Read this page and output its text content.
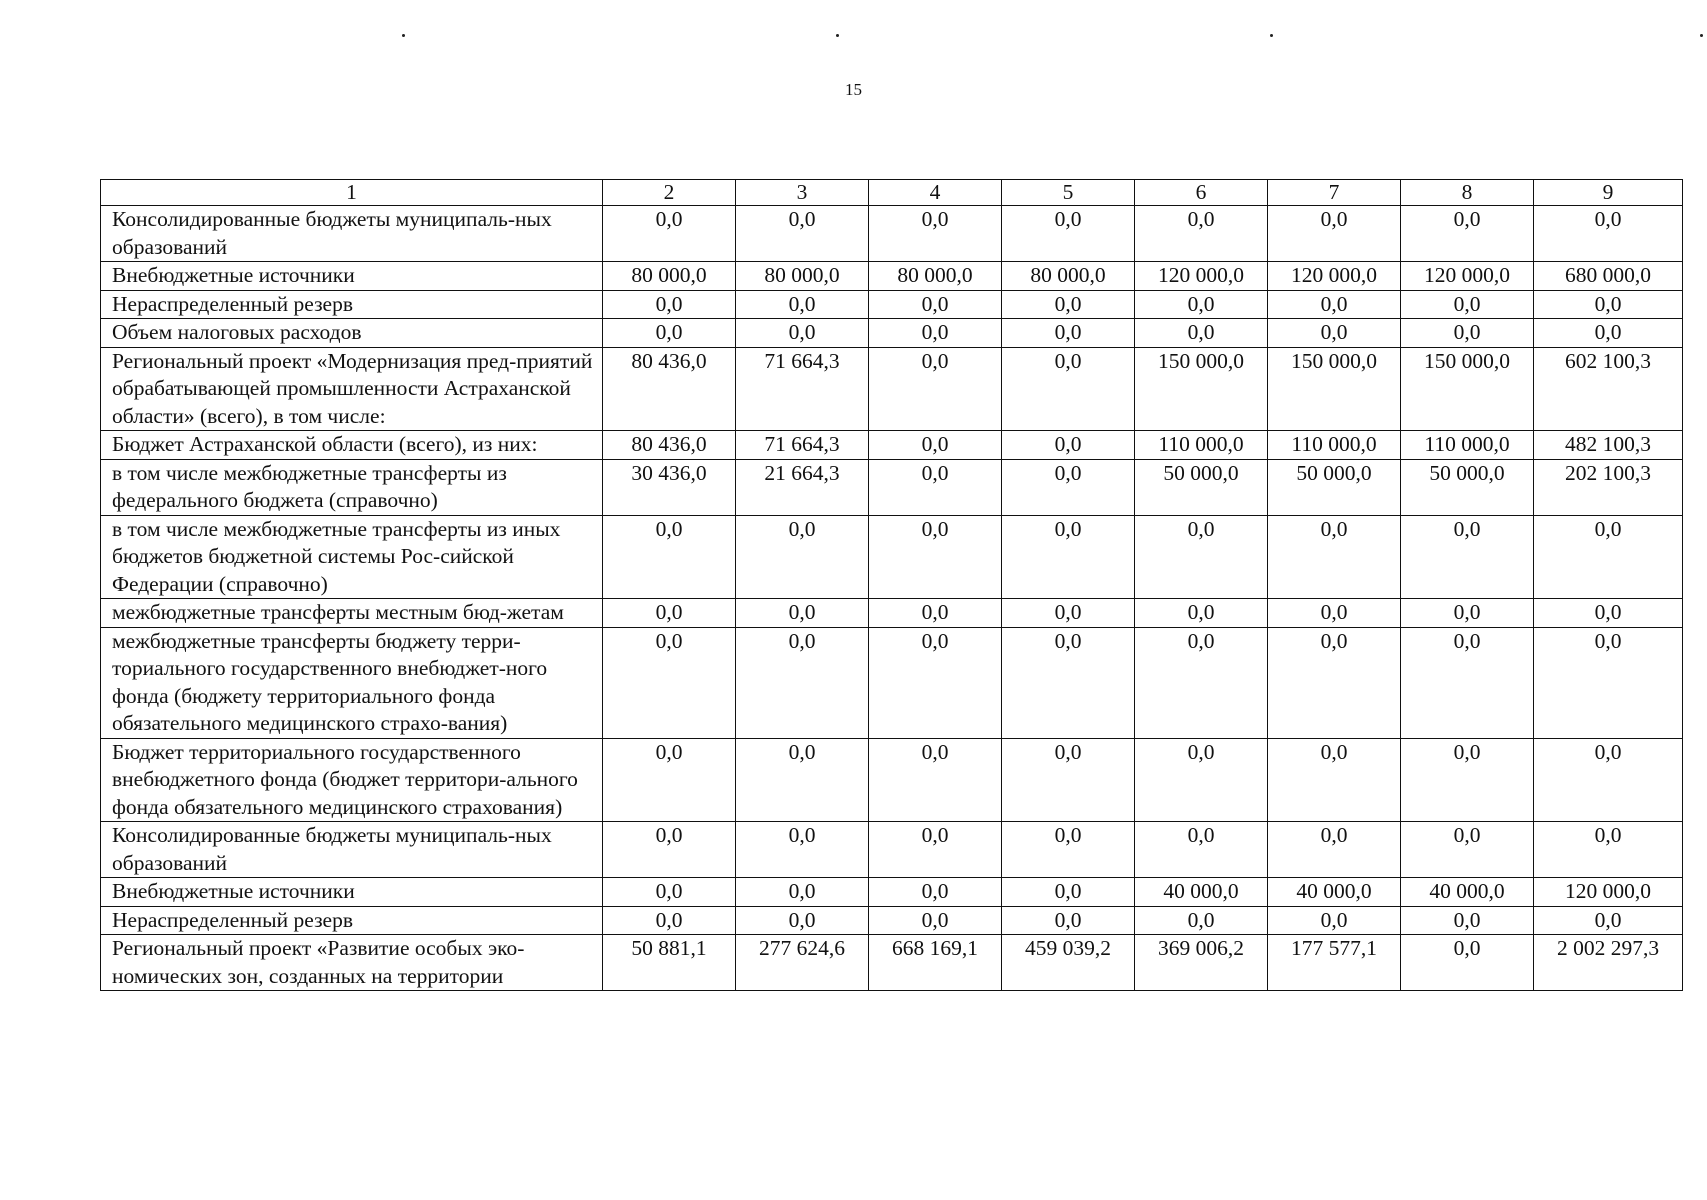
15
1	2	3	4	5	6	7	8	9
Консолидированные бюджеты муниципаль-ных образований	0,0	0,0	0,0	0,0	0,0	0,0	0,0	0,0
Внебюджетные источники	80 000,0	80 000,0	80 000,0	80 000,0	120 000,0	120 000,0	120 000,0	680 000,0
Нераспределенный резерв	0,0	0,0	0,0	0,0	0,0	0,0	0,0	0,0
Объем налоговых расходов	0,0	0,0	0,0	0,0	0,0	0,0	0,0	0,0
Региональный проект «Модернизация пред-приятий обрабатывающей промышленности Астраханской области» (всего), в том числе:	80 436,0	71 664,3	0,0	0,0	150 000,0	150 000,0	150 000,0	602 100,3
Бюджет Астраханской области (всего), из них:	80 436,0	71 664,3	0,0	0,0	110 000,0	110 000,0	110 000,0	482 100,3
в том числе межбюджетные трансферты из федерального бюджета (справочно)	30 436,0	21 664,3	0,0	0,0	50 000,0	50 000,0	50 000,0	202 100,3
в том числе межбюджетные трансферты из иных бюджетов бюджетной системы Рос-сийской Федерации (справочно)	0,0	0,0	0,0	0,0	0,0	0,0	0,0	0,0
межбюджетные трансферты местным бюд-жетам	0,0	0,0	0,0	0,0	0,0	0,0	0,0	0,0
межбюджетные трансферты бюджету терри-ториального государственного внебюджет-ного фонда (бюджету территориального фонда обязательного медицинского страхо-вания)	0,0	0,0	0,0	0,0	0,0	0,0	0,0	0,0
Бюджет территориального государственного внебюджетного фонда (бюджет территори-ального фонда обязательного медицинского страхования)	0,0	0,0	0,0	0,0	0,0	0,0	0,0	0,0
Консолидированные бюджеты муниципаль-ных образований	0,0	0,0	0,0	0,0	0,0	0,0	0,0	0,0
Внебюджетные источники	0,0	0,0	0,0	0,0	40 000,0	40 000,0	40 000,0	120 000,0
Нераспределенный резерв	0,0	0,0	0,0	0,0	0,0	0,0	0,0	0,0
Региональный проект «Развитие особых эко-номических зон, созданных на территории	50 881,1	277 624,6	668 169,1	459 039,2	369 006,2	177 577,1	0,0	2 002 297,3
